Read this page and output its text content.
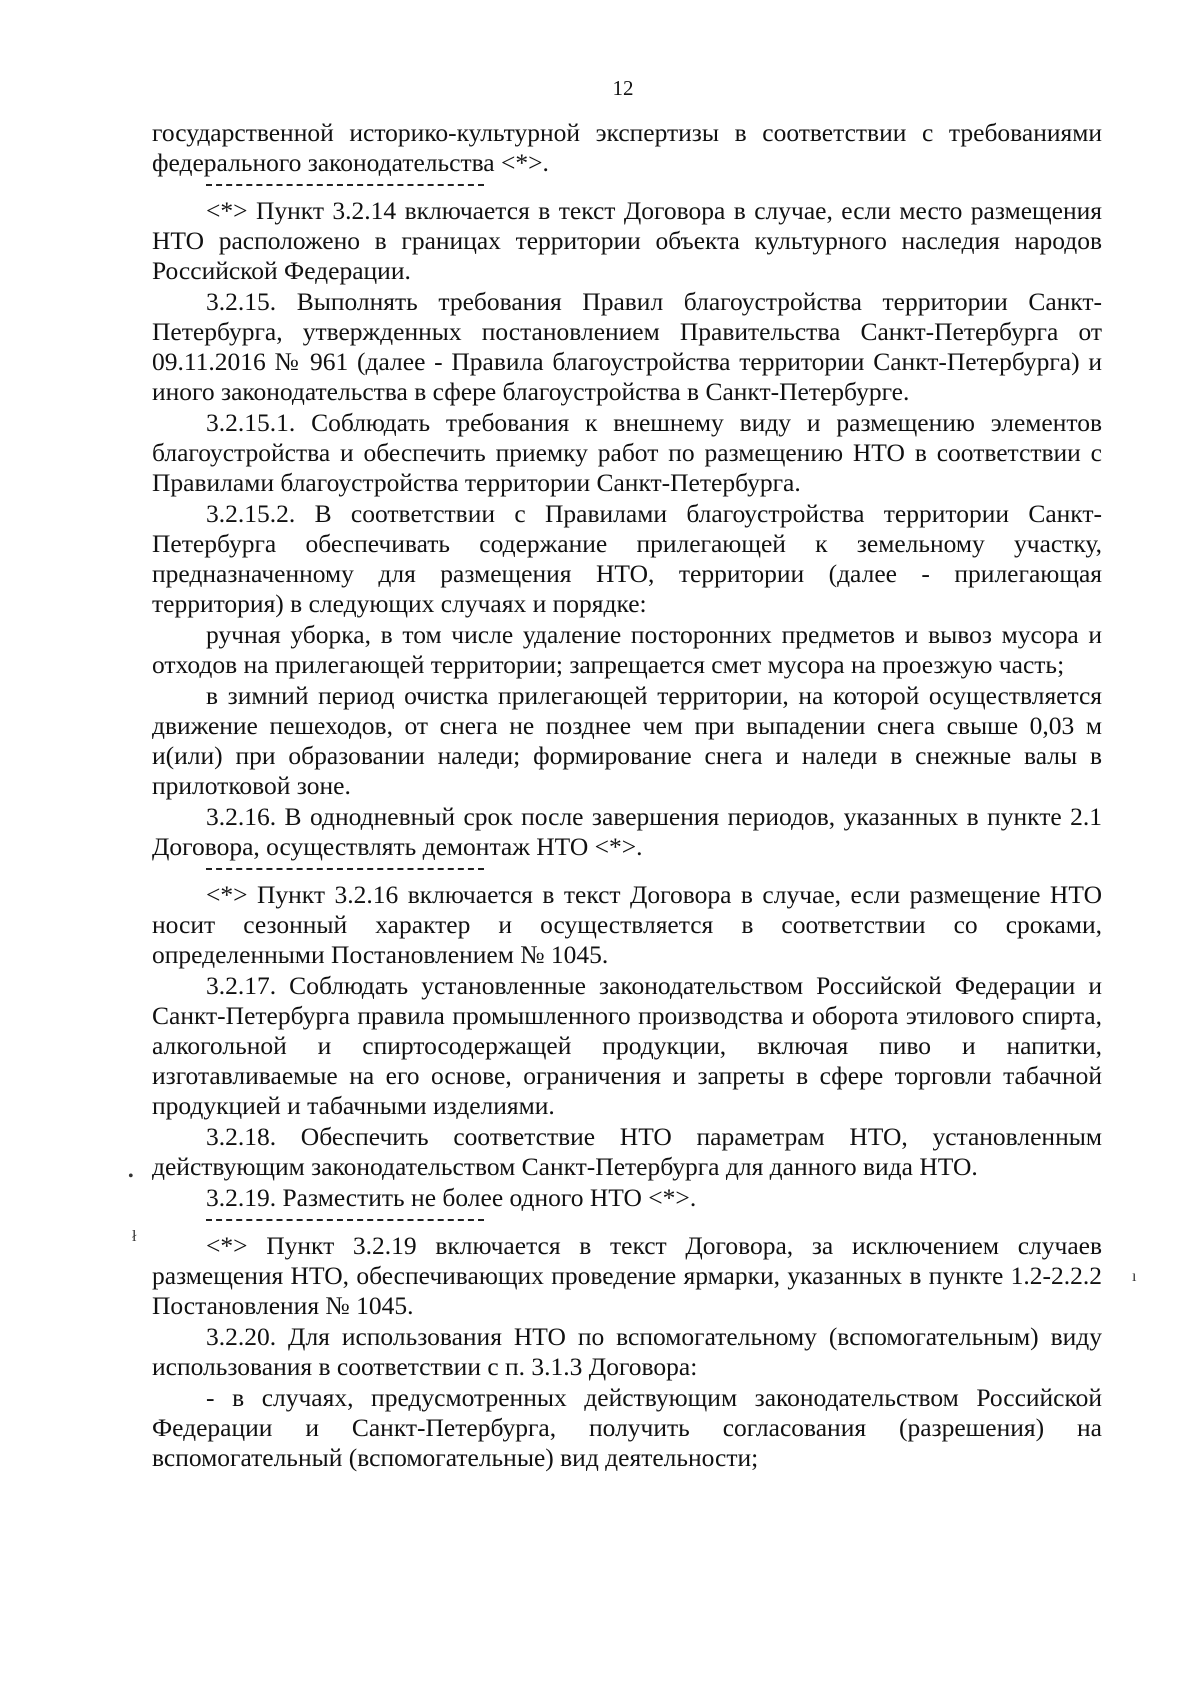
12

государственной историко-культурной экспертизы в соответствии с требованиями федерального законодательства <*>.

<*> Пункт 3.2.14 включается в текст Договора в случае, если место размещения НТО расположено в границах территории объекта культурного наследия народов Российской Федерации.

3.2.15. Выполнять требования Правил благоустройства территории Санкт-Петербурга, утвержденных постановлением Правительства Санкт-Петербурга от 09.11.2016 № 961 (далее - Правила благоустройства территории Санкт-Петербурга) и иного законодательства в сфере благоустройства в Санкт-Петербурге.

3.2.15.1. Соблюдать требования к внешнему виду и размещению элементов благоустройства и обеспечить приемку работ по размещению НТО в соответствии с Правилами благоустройства территории Санкт-Петербурга.

3.2.15.2. В соответствии с Правилами благоустройства территории Санкт-Петербурга обеспечивать содержание прилегающей к земельному участку, предназначенному для размещения НТО, территории (далее - прилегающая территория) в следующих случаях и порядке:

ручная уборка, в том числе удаление посторонних предметов и вывоз мусора и отходов на прилегающей территории; запрещается смет мусора на проезжую часть;

в зимний период очистка прилегающей территории, на которой осуществляется движение пешеходов, от снега не позднее чем при выпадении снега свыше 0,03 м и(или) при образовании наледи; формирование снега и наледи в снежные валы в прилотковой зоне.

3.2.16. В однодневный срок после завершения периодов, указанных в пункте 2.1 Договора, осуществлять демонтаж НТО <*>.

<*> Пункт 3.2.16 включается в текст Договора в случае, если размещение НТО носит сезонный характер и осуществляется в соответствии со сроками, определенными Постановлением № 1045.

3.2.17. Соблюдать установленные законодательством Российской Федерации и Санкт-Петербурга правила промышленного производства и оборота этилового спирта, алкогольной и спиртосодержащей продукции, включая пиво и напитки, изготавливаемые на его основе, ограничения и запреты в сфере торговли табачной продукцией и табачными изделиями.

3.2.18. Обеспечить соответствие НТО параметрам НТО, установленным действующим законодательством Санкт-Петербурга для данного вида НТО.

3.2.19. Разместить не более одного НТО <*>.

<*> Пункт 3.2.19 включается в текст Договора, за исключением случаев размещения НТО, обеспечивающих проведение ярмарки, указанных в пункте 1.2-2.2.2 Постановления № 1045.

3.2.20. Для использования НТО по вспомогательному (вспомогательным) виду использования в соответствии с п. 3.1.3 Договора:

- в случаях, предусмотренных действующим законодательством Российской Федерации и Санкт-Петербурга, получить согласования (разрешения) на вспомогательный (вспомогательные) вид деятельности;

•
ł
ı
